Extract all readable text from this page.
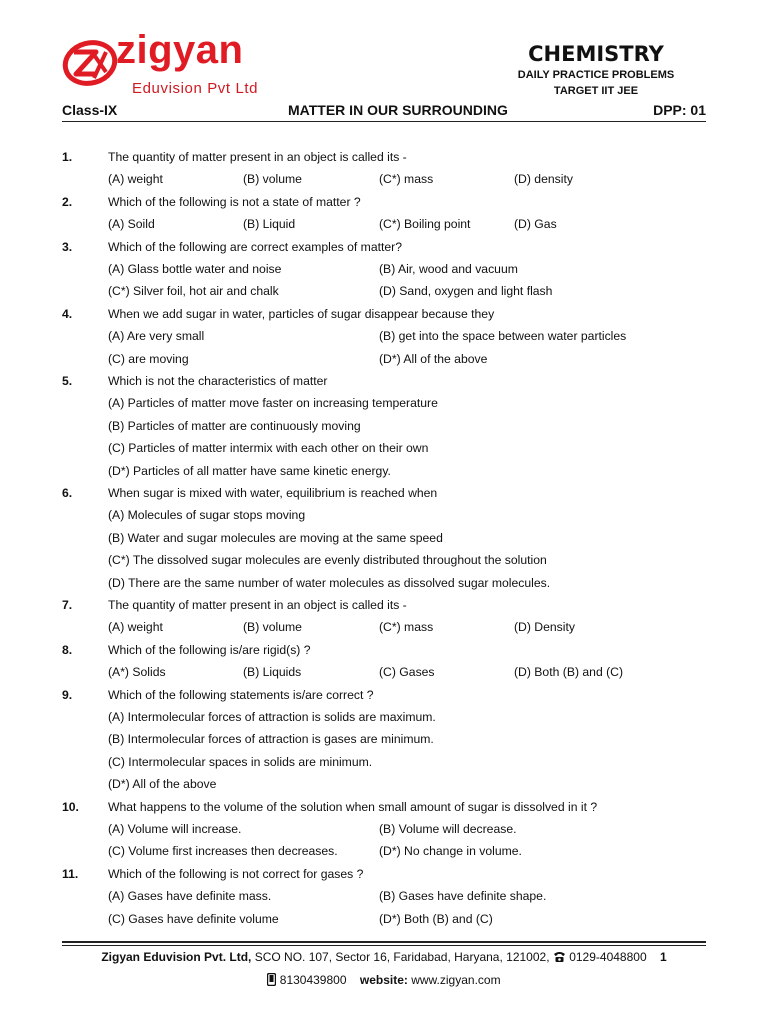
zigyan
Eduvision Pvt Ltd
CHEMISTRY
DAILY PRACTICE PROBLEMS
TARGET IIT JEE
Class-IX	MATTER IN OUR SURROUNDING	DPP: 01
1.	The quantity of matter present in an object is called its -
(A) weight	(B) volume	(C*) mass	(D) density
2.	Which of the following is not a state of matter ?
(A) Soild	(B) Liquid	(C*) Boiling point	(D) Gas
3.	Which of the following are correct examples of matter?
(A) Glass bottle water and noise	(B) Air, wood and vacuum
(C*) Silver foil, hot air and chalk	(D) Sand, oxygen and light flash
4.	When we add sugar in water, particles of sugar disappear because they
(A) Are very small	(B) get into the space between water particles
(C) are moving	(D*) All of the above
5.	Which is not the characteristics of matter
(A) Particles of matter move faster on increasing temperature
(B) Particles of matter are continuously moving
(C) Particles of matter intermix with each other on their own
(D*) Particles of all matter have same kinetic energy.
6.	When sugar is mixed with water, equilibrium is reached when
(A) Molecules of sugar stops moving
(B) Water and sugar molecules are moving at the same speed
(C*) The dissolved sugar molecules are evenly distributed throughout the solution
(D) There are the same number of water molecules as dissolved sugar molecules.
7.	The quantity of matter present in an object is called its -
(A) weight	(B) volume	(C*) mass	(D) Density
8.	Which of the following is/are rigid(s) ?
(A*) Solids	(B) Liquids	(C) Gases	(D) Both (B) and (C)
9.	Which of the following statements is/are correct ?
(A) Intermolecular forces of attraction is solids are maximum.
(B) Intermolecular forces of attraction is gases are minimum.
(C) Intermolecular spaces in solids are minimum.
(D*) All of the above
10. What happens to the volume of the solution when small amount of sugar is dissolved in it ?
(A) Volume will increase.	(B) Volume will decrease.
(C) Volume first increases then decreases.	(D*) No change in volume.
11. Which of the following is not correct for gases ?
(A) Gases have definite mass.	(B) Gases have definite shape.
(C) Gases have definite volume	(D*) Both (B) and (C)
Zigyan Eduvision Pvt. Ltd, SCO NO. 107, Sector 16, Faridabad, Haryana, 121002,  0129-4048800 1
8130439800 website: www.zigyan.com
